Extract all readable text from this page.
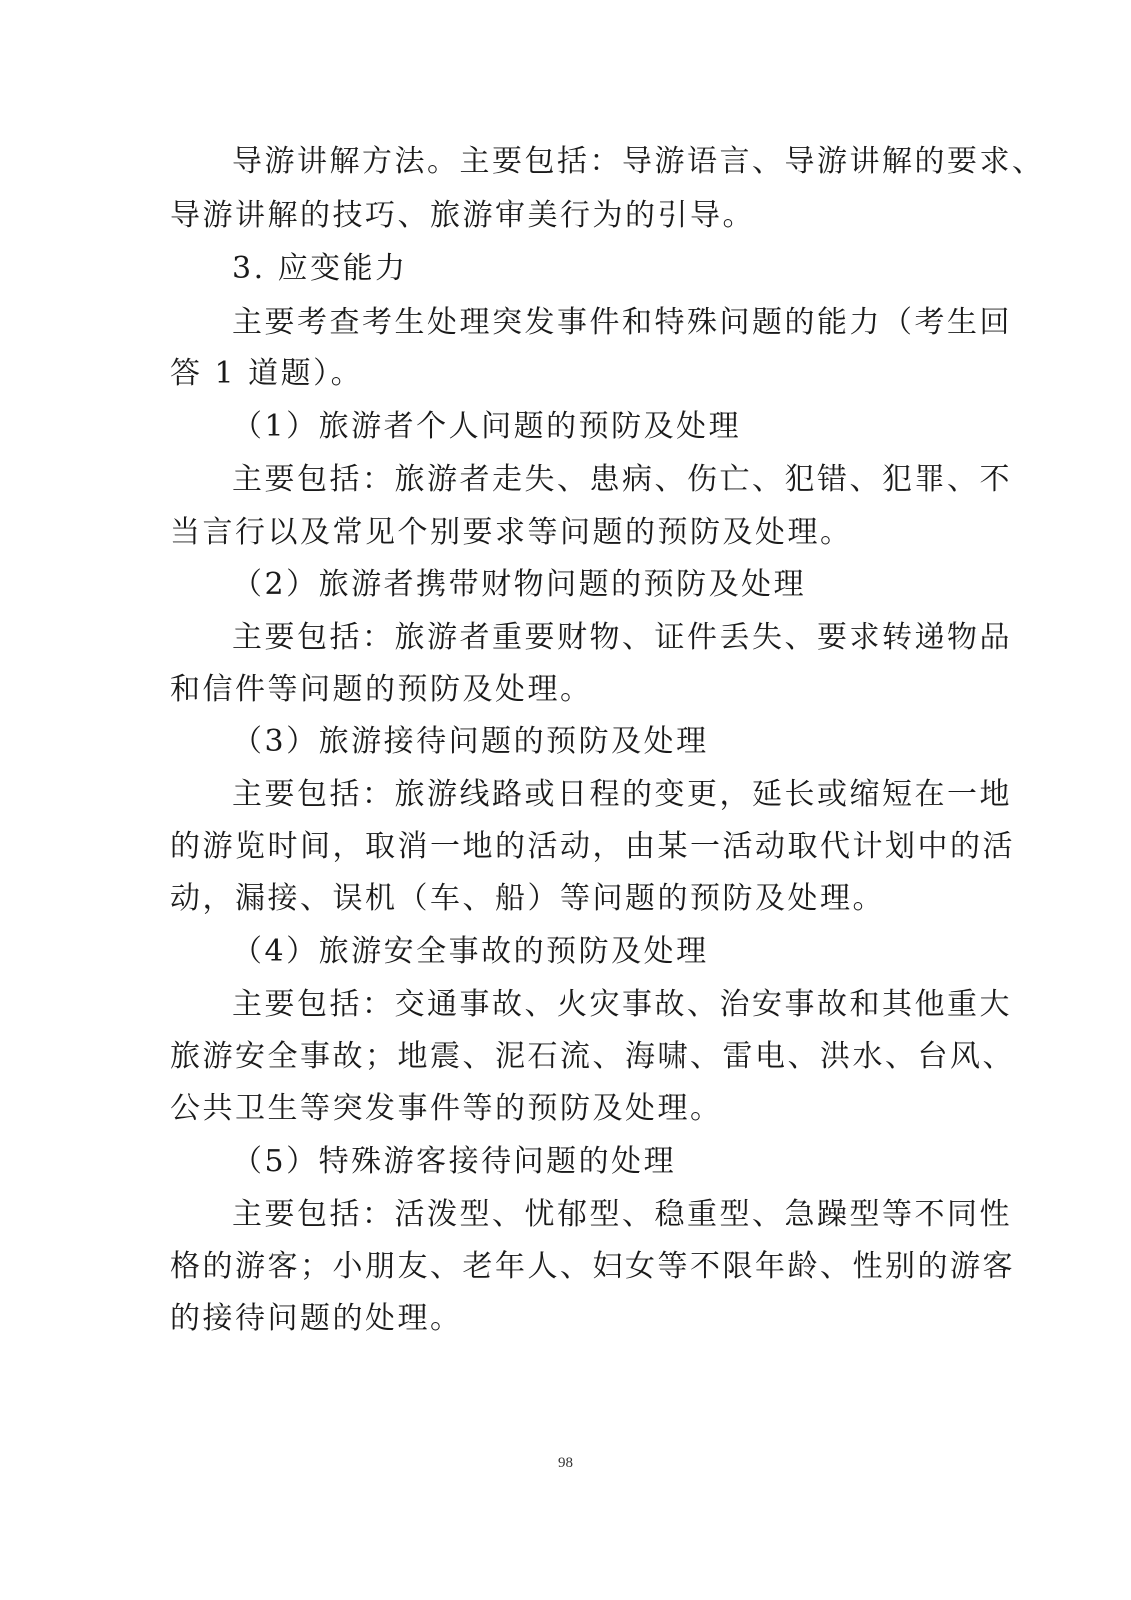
导游讲解方法。主要包括：导游语言、导游讲解的要求、
导游讲解的技巧、旅游审美行为的引导。
3. 应变能力
主要考查考生处理突发事件和特殊问题的能力（考生回
答 1 道题）。
（1）旅游者个人问题的预防及处理
主要包括：旅游者走失、患病、伤亡、犯错、犯罪、不
当言行以及常见个别要求等问题的预防及处理。
（2）旅游者携带财物问题的预防及处理
主要包括：旅游者重要财物、证件丢失、要求转递物品
和信件等问题的预防及处理。
（3）旅游接待问题的预防及处理
主要包括：旅游线路或日程的变更，延长或缩短在一地
的游览时间，取消一地的活动，由某一活动取代计划中的活
动，漏接、误机（车、船）等问题的预防及处理。
（4）旅游安全事故的预防及处理
主要包括：交通事故、火灾事故、治安事故和其他重大
旅游安全事故；地震、泥石流、海啸、雷电、洪水、台风、
公共卫生等突发事件等的预防及处理。
（5）特殊游客接待问题的处理
主要包括：活泼型、忧郁型、稳重型、急躁型等不同性
格的游客；小朋友、老年人、妇女等不限年龄、性别的游客
的接待问题的处理。
98
